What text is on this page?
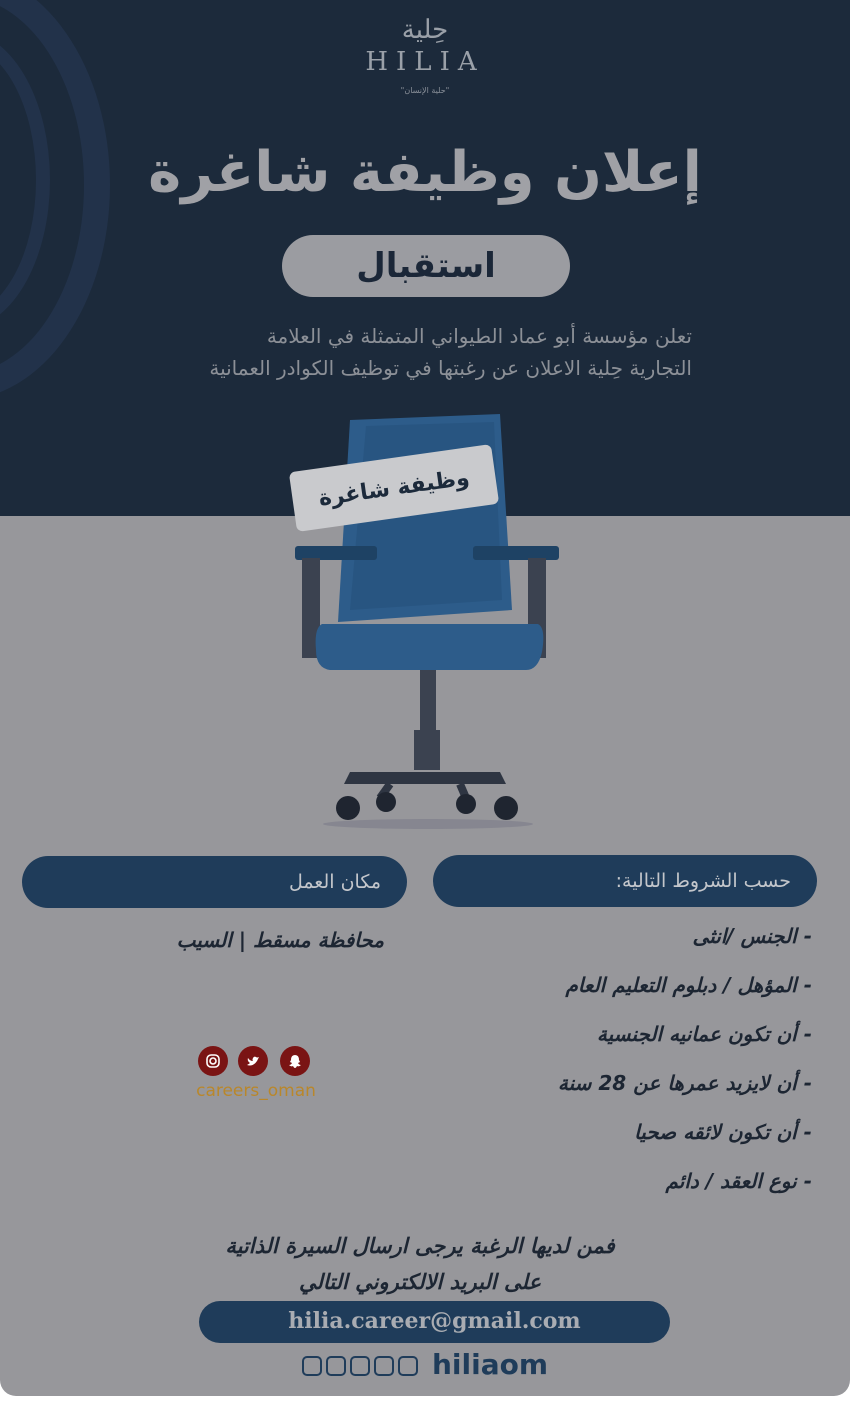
حِلية
HILIA
"حلية الإنسان"
إعلان وظيفة شاغرة
استقبال
تعلن مؤسسة أبو عماد الطيواني المتمثلة في العلامة
التجارية حِلية الاعلان عن رغبتها في توظيف الكوادر العمانية
وظيفة شاغرة
حسب الشروط التالية:
مكان العمل
محافظة مسقط | السيب	- الجنس /انثى
- المؤهل / دبلوم التعليم العام
- أن تكون عمانيه الجنسية
- أن لايزيد عمرها عن 28 سنة
- أن تكون لائقه صحيا
- نوع العقد / دائم
careers_oman
فمن لديها الرغبة يرجى ارسال السيرة الذاتية
على البريد الالكتروني التالي
hilia.career@gmail.com
hiliaom
